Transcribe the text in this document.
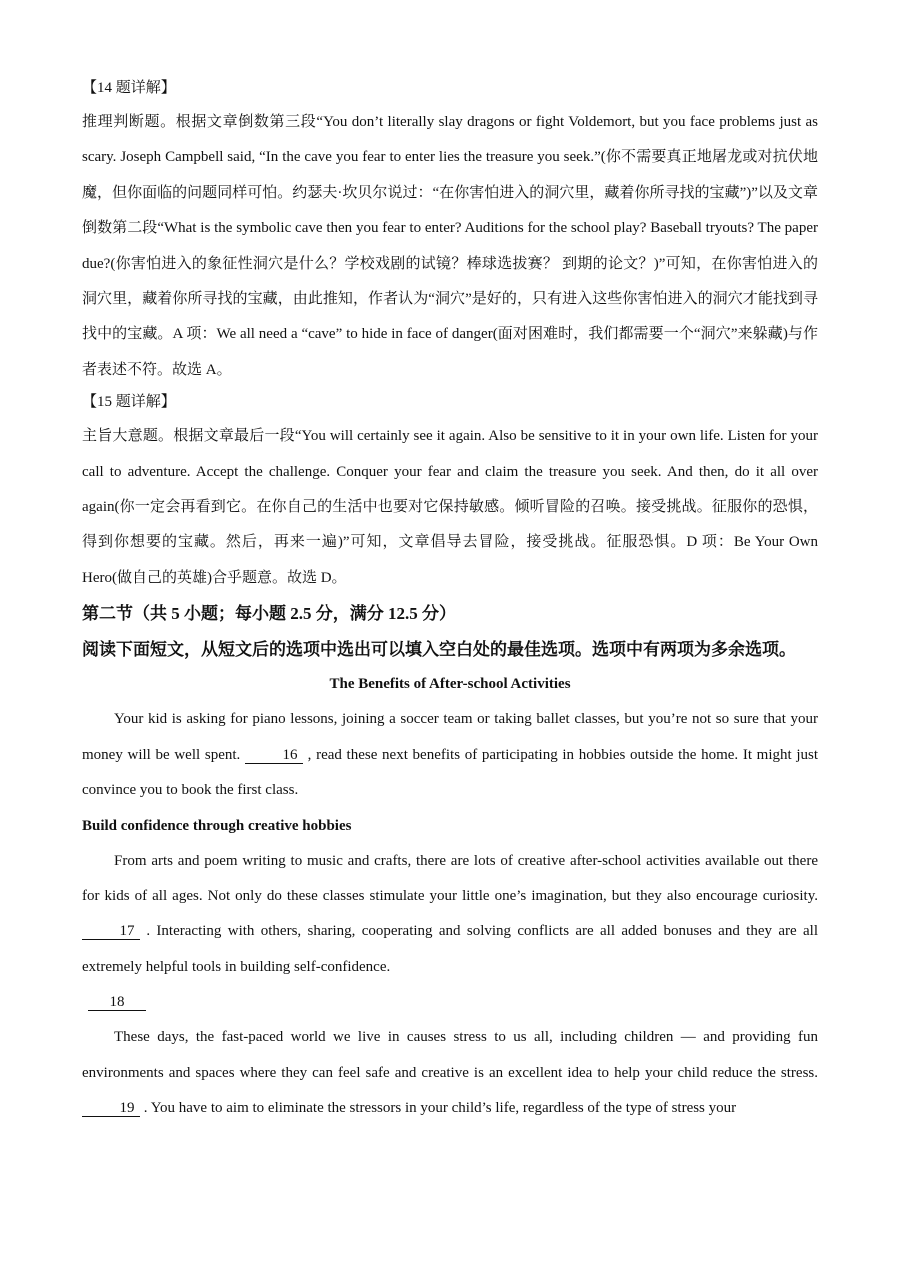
【14 题详解】

推理判断题。根据文章倒数第三段“You don’t literally slay dragons or fight Voldemort, but you face problems just as scary. Joseph Campbell said, “In the cave you fear to enter lies the treasure you seek.”(你不需要真正地屠龙或对抗伏地魔，但你面临的问题同样可怕。约瑟夫·坎贝尔说过：“在你害怕进入的洞穴里，藏着你所寻找的宝藏”)”以及文章倒数第二段“What is the symbolic cave then you fear to enter? Auditions for the school play? Baseball tryouts? The paper due?(你害怕进入的象征性洞穴是什么？学校戏剧的试镜？棒球选拔赛？ 到期的论文？)”可知，在你害怕进入的洞穴里，藏着你所寻找的宝藏，由此推知，作者认为“洞穴”是好的，只有进入这些你害怕进入的洞穴才能找到寻找中的宝藏。A 项：We all need a “cave” to hide in face of danger(面对困难时，我们都需要一个“洞穴”来躲藏)与作者表述不符。故选 A。

【15 题详解】

主旨大意题。根据文章最后一段“You will certainly see it again. Also be sensitive to it in your own life. Listen for your call to adventure. Accept the challenge. Conquer your fear and claim the treasure you seek. And then, do it all over again(你一定会再看到它。在你自己的生活中也要对它保持敏感。倾听冒险的召唤。接受挑战。征服你的恐惧，得到你想要的宝藏。然后，再来一遍)”可知，文章倡导去冒险，接受挑战。征服恐惧。D 项：Be Your Own Hero(做自己的英雄)合乎题意。故选 D。

第二节（共 5 小题；每小题 2.5 分，满分 12.5 分）

阅读下面短文，从短文后的选项中选出可以填入空白处的最佳选项。选项中有两项为多余选项。

The Benefits of After-school Activities

Your kid is asking for piano lessons, joining a soccer team or taking ballet classes, but you’re not so sure that your money will be well spent.	16 , read these next benefits of participating in hobbies outside the home. It might just convince you to book the first class.

Build confidence through creative hobbies

From arts and poem writing to music and crafts, there are lots of creative after-school activities available out there for kids of all ages. Not only do these classes stimulate your little one’s imagination, but they also encourage curiosity. 17 . Interacting with others, sharing, cooperating and solving conflicts are all added bonuses and they are all extremely helpful tools in building self-confidence.

18

These days, the fast-paced world we live in causes stress to us all, including children — and providing fun environments and spaces where they can feel safe and creative is an excellent idea to help your child reduce the stress.19 . You have to aim to eliminate the stressors in your child’s life, regardless of the type of stress your
